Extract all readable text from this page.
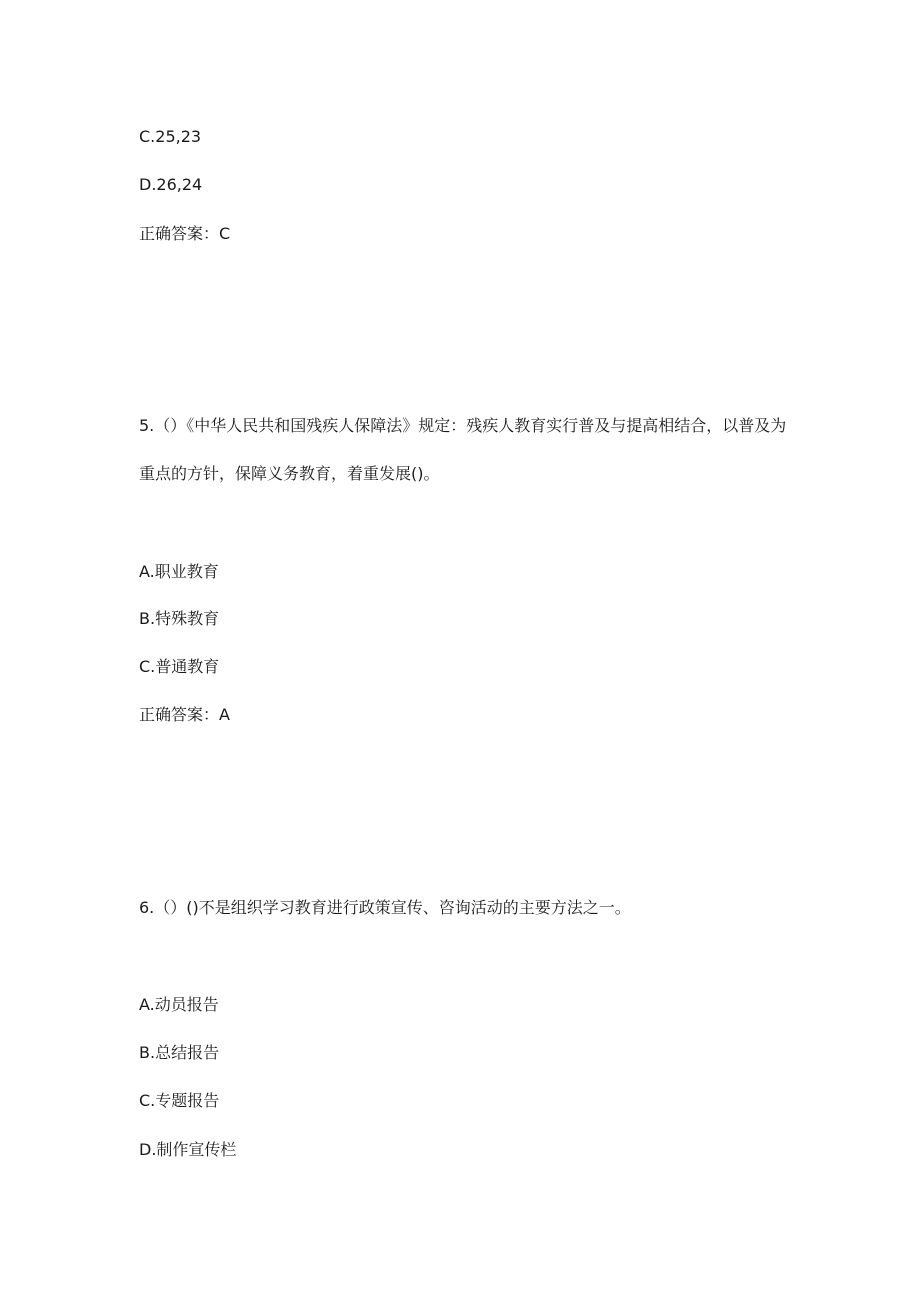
C.25,23
D.26,24
正确答案：C
5.（）《中华人民共和国残疾人保障法》规定：残疾人教育实行普及与提高相结合，以普及为重点的方针，保障义务教育，着重发展()。
A.职业教育
B.特殊教育
C.普通教育
正确答案：A
6.（）()不是组织学习教育进行政策宣传、咨询活动的主要方法之一。
A.动员报告
B.总结报告
C.专题报告
D.制作宣传栏
